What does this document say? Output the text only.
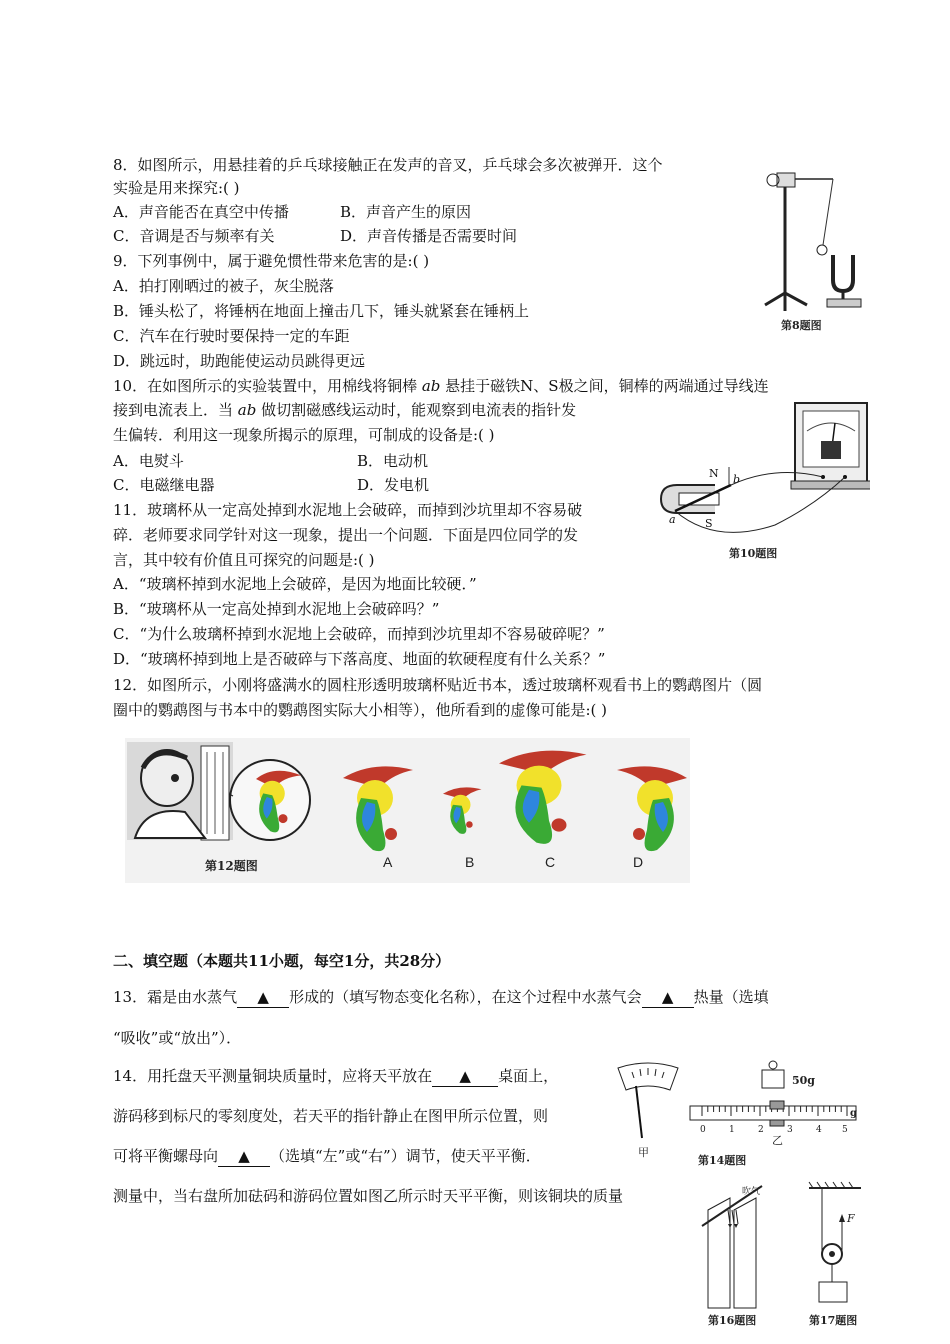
8．如图所示，用悬挂着的乒乓球接触正在发声的音叉，乒乓球会多次被弹开．这个
实验是用来探究:( )
A．声音能否在真空中传播	B．声音产生的原因
C．音调是否与频率有关	D．声音传播是否需要时间
第8题图
9．下列事例中，属于避免惯性带来危害的是:( )
A．拍打刚晒过的被子，灰尘脱落
B．锤头松了，将锤柄在地面上撞击几下，锤头就紧套在锤柄上
C．汽车在行驶时要保持一定的车距
D．跳远时，助跑能使运动员跳得更远
10．在如图所示的实验装置中，用棉线将铜棒 ab 悬挂于磁铁N、S极之间，铜棒的两端通过导线连
接到电流表上．当 ab 做切割磁感线运动时，能观察到电流表的指针发
生偏转．利用这一现象所揭示的原理，可制成的设备是:( )
A．电熨斗	B．电动机
C．电磁继电器	D．发电机
N
S
a
b
第10题图
11．玻璃杯从一定高处掉到水泥地上会破碎，而掉到沙坑里却不容易破
碎．老师要求同学针对这一现象，提出一个问题．下面是四位同学的发
言，其中较有价值且可探究的问题是:( )
A．“玻璃杯掉到水泥地上会破碎，是因为地面比较硬．”
B．“玻璃杯从一定高处掉到水泥地上会破碎吗？”
C．“为什么玻璃杯掉到水泥地上会破碎，而掉到沙坑里却不容易破碎呢？”
D．“玻璃杯掉到地上是否破碎与下落高度、地面的软硬程度有什么关系？”
12．如图所示，小刚将盛满水的圆柱形透明玻璃杯贴近书本，透过玻璃杯观看书上的鹦鹉图片（圆
圈中的鹦鹉图与书本中的鹦鹉图实际大小相等），他所看到的虚像可能是:( )
第12题图	A	B	C	D
二、填空题（本题共11小题，每空1分，共28分）
13．霜是由水蒸气 ▲ 形成的（填写物态变化名称），在这个过程中水蒸气会 ▲ 热量（选填
“吸收”或“放出”）．
14．用托盘天平测量铜块质量时，应将天平放在 ▲ 桌面上，
游码移到标尺的零刻度处，若天平的指针静止在图甲所示位置，则
可将平衡螺母向 ▲ （选填“左”或“右”）调节，使天平平衡．
测量中，当右盘所加砝码和游码位置如图乙所示时天平平衡，则该铜块的质量
甲
50g
g
0	1	2	3	4 5
乙
第14题图
吹气
第16题图
F
第17题图
